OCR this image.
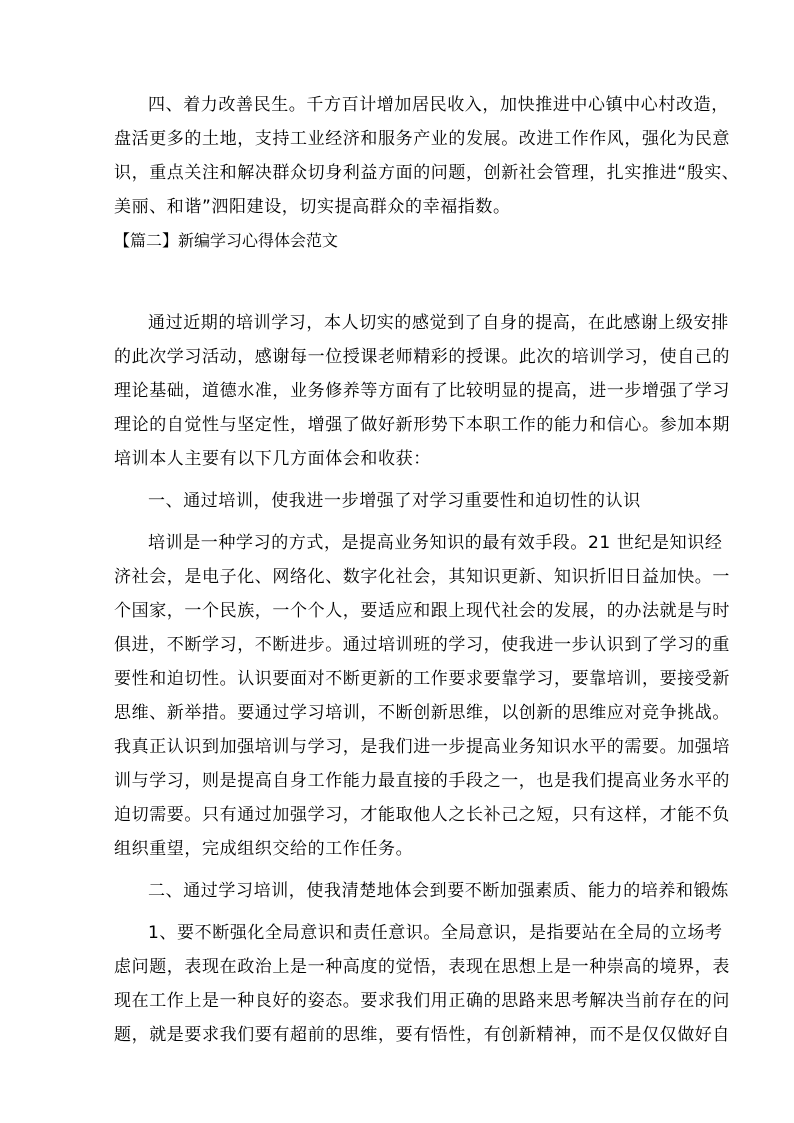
四、着力改善民生。千方百计增加居民收入，加快推进中心镇中心村改造，
盘活更多的土地，支持工业经济和服务产业的发展。改进工作作风，强化为民意
识，重点关注和解决群众切身利益方面的问题，创新社会管理，扎实推进“殷实、
美丽、和谐”泗阳建设，切实提高群众的幸福指数。
【篇二】新编学习心得体会范文
通过近期的培训学习，本人切实的感觉到了自身的提高，在此感谢上级安排
的此次学习活动，感谢每一位授课老师精彩的授课。此次的培训学习，使自己的
理论基础，道德水准，业务修养等方面有了比较明显的提高，进一步增强了学习
理论的自觉性与坚定性，增强了做好新形势下本职工作的能力和信心。参加本期
培训本人主要有以下几方面体会和收获：
一、通过培训，使我进一步增强了对学习重要性和迫切性的认识
培训是一种学习的方式，是提高业务知识的最有效手段。21 世纪是知识经
济社会，是电子化、网络化、数字化社会，其知识更新、知识折旧日益加快。一
个国家，一个民族，一个个人，要适应和跟上现代社会的发展，的办法就是与时
俱进，不断学习，不断进步。通过培训班的学习，使我进一步认识到了学习的重
要性和迫切性。认识要面对不断更新的工作要求要靠学习，要靠培训，要接受新
思维、新举措。要通过学习培训，不断创新思维，以创新的思维应对竞争挑战。
我真正认识到加强培训与学习，是我们进一步提高业务知识水平的需要。加强培
训与学习，则是提高自身工作能力最直接的手段之一，也是我们提高业务水平的
迫切需要。只有通过加强学习，才能取他人之长补己之短，只有这样，才能不负
组织重望，完成组织交给的工作任务。
二、通过学习培训，使我清楚地体会到要不断加强素质、能力的培养和锻炼
1、要不断强化全局意识和责任意识。全局意识，是指要站在全局的立场考
虑问题，表现在政治上是一种高度的觉悟，表现在思想上是一种崇高的境界，表
现在工作上是一种良好的姿态。要求我们用正确的思路来思考解决当前存在的问
题，就是要求我们要有超前的思维，要有悟性，有创新精神，而不是仅仅做好自
